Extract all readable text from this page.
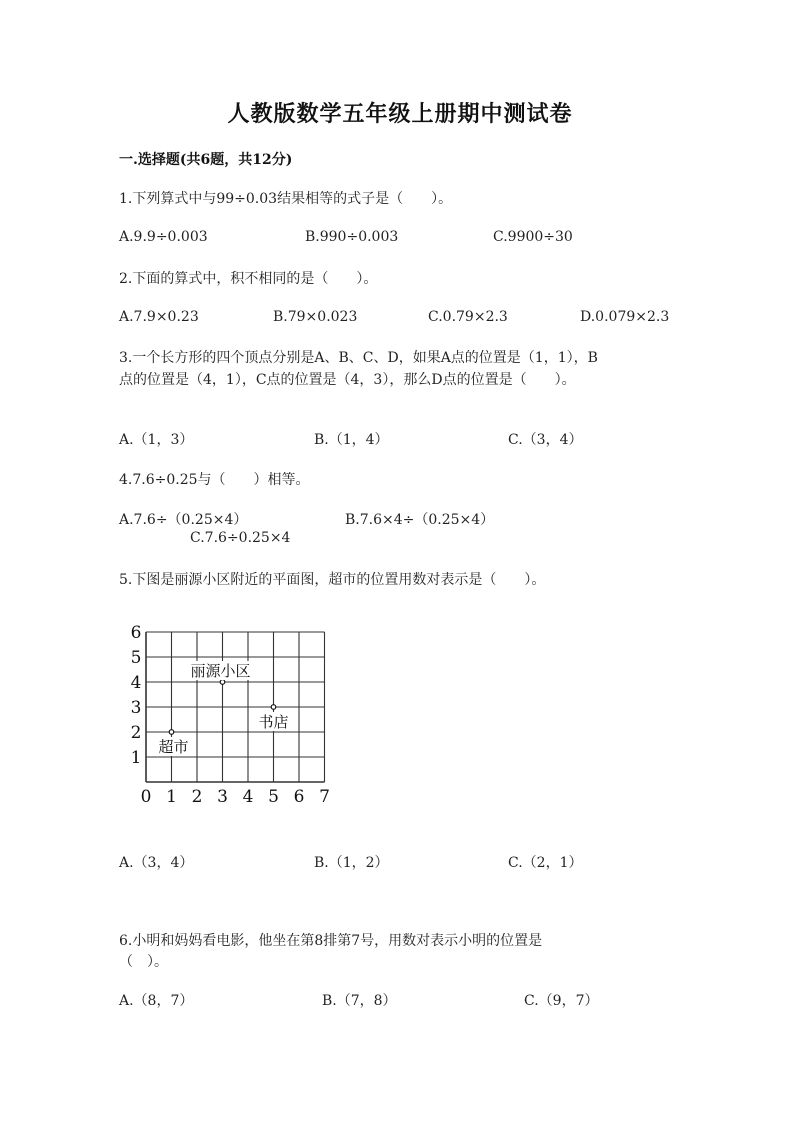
人教版数学五年级上册期中测试卷
一.选择题(共6题，共12分)
1.下列算式中与99÷0.03结果相等的式子是（　　）。
A.9.9÷0.003	B.990÷0.003	C.9900÷30
2.下面的算式中，积不相同的是（　　）。
A.7.9×0.23	B.79×0.023	C.0.79×2.3	D.0.079×2.3
3.一个长方形的四个顶点分别是A、B、C、D，如果A点的位置是（1，1），B
点的位置是（4，1），C点的位置是（4，3），那么D点的位置是（　　）。
A.（1，3）	B.（1，4）	C.（3，4）
4.7.6÷0.25与（　　）相等。
A.7.6÷（0.25×4）	B.7.6×4÷（0.25×4）
C.7.6÷0.25×4
5.下图是丽源小区附近的平面图，超市的位置用数对表示是（　　）。
0 1 2 3 4 5 6 7
1
2
3
4
5
6
丽源小区
书店
超市
A.（3，4）	B.（1，2）	C.（2，1）
6.小明和妈妈看电影，他坐在第8排第7号，用数对表示小明的位置是
（　）。
A.（8，7）	B.（7，8）	C.（9，7）
